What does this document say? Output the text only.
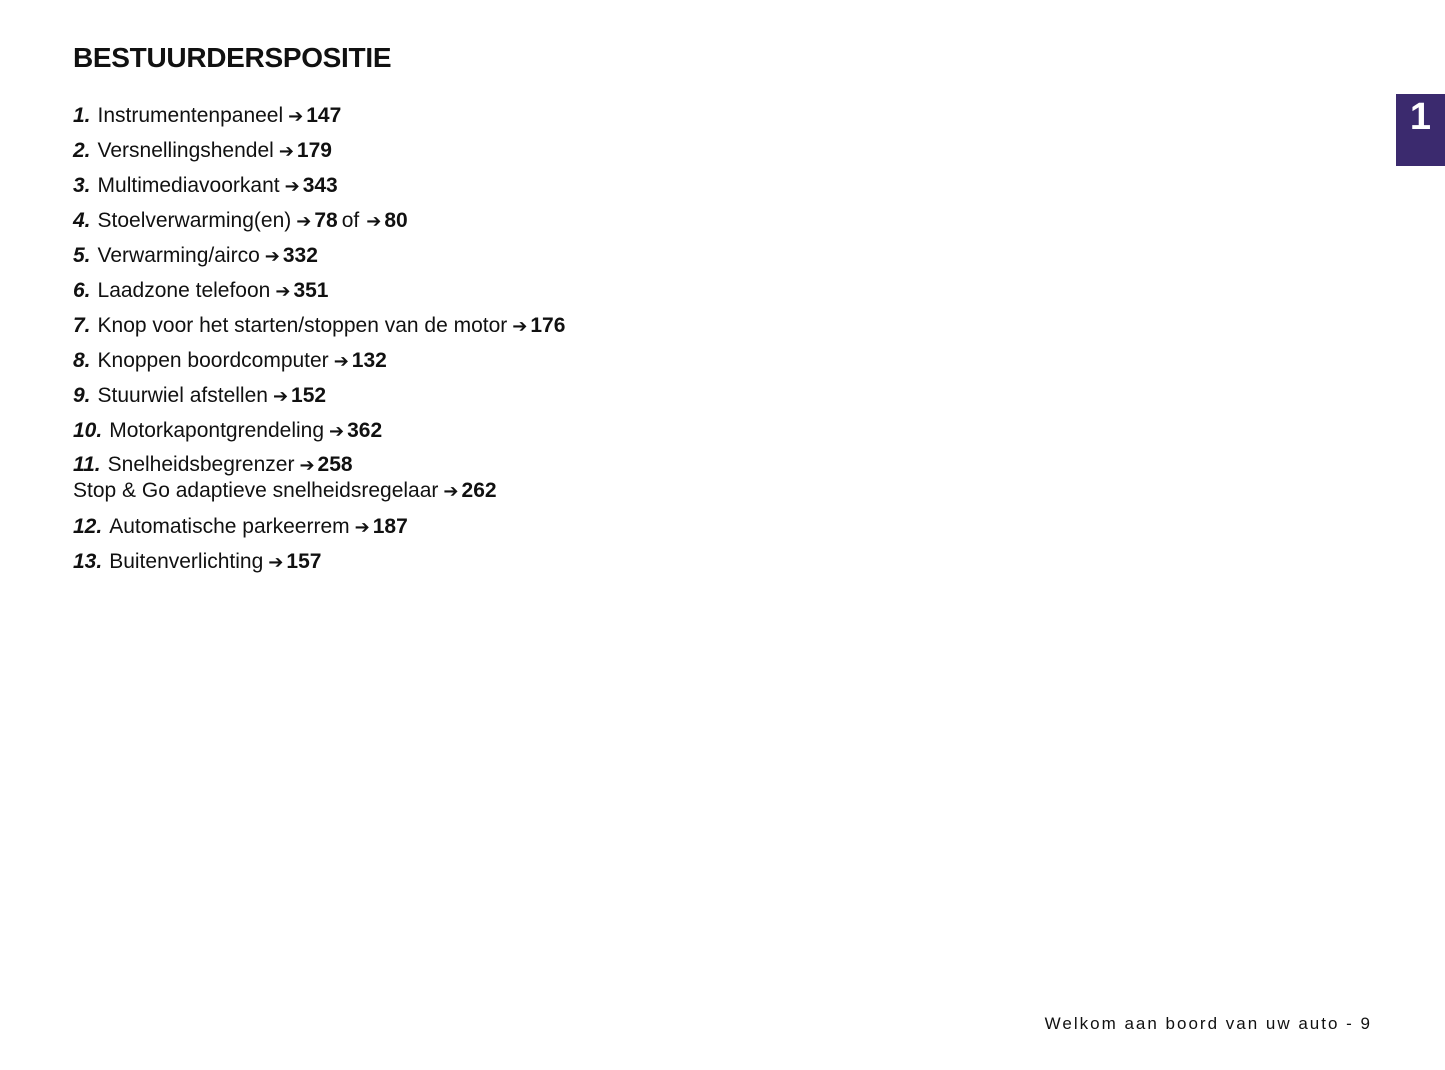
BESTUURDERSPOSITIE
1
1. Instrumentenpaneel ➔ 147
2. Versnellingshendel ➔ 179
3. Multimediavoorkant ➔ 343
4. Stoelverwarming(en) ➔ 78 of ➔ 80
5. Verwarming/airco ➔ 332
6. Laadzone telefoon ➔ 351
7. Knop voor het starten/stoppen van de motor ➔ 176
8. Knoppen boordcomputer ➔ 132
9. Stuurwiel afstellen ➔ 152
10. Motorkapontgrendeling ➔ 362
11. Snelheidsbegrenzer ➔ 258
Stop & Go adaptieve snelheidsregelaar ➔ 262
12. Automatische parkeerrem ➔ 187
13. Buitenverlichting ➔ 157
Welkom aan boord van uw auto - 9
